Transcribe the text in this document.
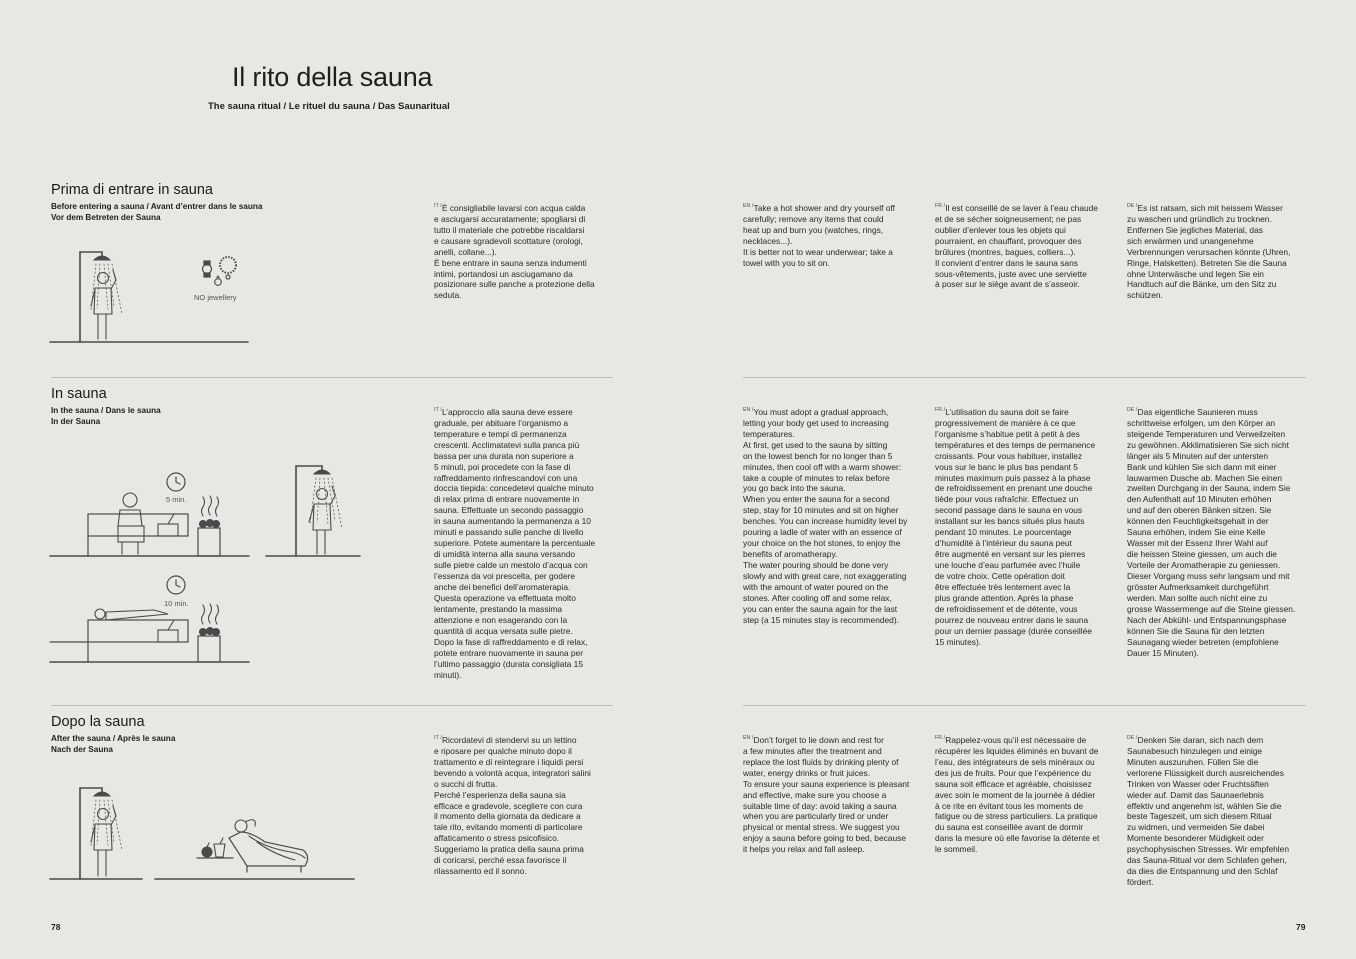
Il rito della sauna
The sauna ritual / Le rituel du sauna / Das Saunaritual
Prima di entrare in sauna
Before entering a sauna / Avant d’entrer dans le sauna
Vor dem Betreten der Sauna
NO jewellery
$^{IT /}$È consigliabile lavarsi con acqua calda
e asciugarsi accuratamente; spogliarsi di
tutto il materiale che potrebbe riscaldarsi
e causare sgradevoli scottature (orologi,
anelli, collane...).
È bene entrare in sauna senza indumenti
intimi, portandosi un asciugamano da
posizionare sulle panche a protezione della
seduta.
$^{EN /}$Take a hot shower and dry yourself off
carefully; remove any items that could
heat up and burn you (watches, rings,
necklaces...).
It is better not to wear underwear; take a
towel with you to sit on.
$^{FR /}$Il est conseillé de se laver à l’eau chaude
et de se sécher soigneusement; ne pas
oublier d’enlever tous les objets qui
pourraient, en chauffant, provoquer des
brûlures (montres, bagues, colliers...).
Il convient d’entrer dans le sauna sans
sous-vêtements, juste avec une serviette
à poser sur le siège avant de s’asseoir.
$^{DE /}$Es ist ratsam, sich mit heissem Wasser
zu waschen und gründlich zu trocknen.
Entfernen Sie jegliches Material, das
sich erwärmen und unangenehme
Verbrennungen verursachen könnte (Uhren,
Ringe, Halsketten). Betreten Sie die Sauna
ohne Unterwäsche und legen Sie ein
Handtuch auf die Bänke, um den Sitz zu
schützen.
In sauna
In the sauna / Dans le sauna
In der Sauna
5 min.
10 min.
$^{IT /}$L’approccio alla sauna deve essere
graduale, per abituare l’organismo a
temperature e tempi di permanenza
crescenti. Acclimatatevi sulla panca più
bassa per una durata non superiore a
5 minuti, poi procedete con la fase di
raffreddamento rinfrescandovi con una
doccia tiepida: concedetevi qualche minuto
di relax prima di entrare nuovamente in
sauna. Effettuate un secondo passaggio
in sauna aumentando la permanenza a 10
minuti e passando sulle panche di livello
superiore. Potete aumentare la percentuale
di umidità interna alla sauna versando
sulle pietre calde un mestolo d’acqua con
l’essenza da voi prescelta, per godere
anche dei benefici dell’aromaterapia.
Questa operazione va effettuata molto
lentamente, prestando la massima
attenzione e non esagerando con la
quantità di acqua versata sulle pietre.
Dopo la fase di raffreddamento e di relax,
potete entrare nuovamente in sauna per
l’ultimo passaggio (durata consigliata 15
minuti).
$^{EN /}$You must adopt a gradual approach,
letting your body get used to increasing
temperatures.
At first, get used to the sauna by sitting
on the lowest bench for no longer than 5
minutes, then cool off with a warm shower:
take a couple of minutes to relax before
you go back into the sauna.
When you enter the sauna for a second
step, stay for 10 minutes and sit on higher
benches. You can increase humidity level by
pouring a ladle of water with an essence of
your choice on the hot stones, to enjoy the
benefits of aromatherapy.
The water pouring should be done very
slowly and with great care, not exaggerating
with the amount of water poured on the
stones. After cooling off and some relax,
you can enter the sauna again for the last
step (a 15 minutes stay is recommended).
$^{FR /}$L’utilisation du sauna doit se faire
progressivement de manière à ce que
l’organisme s’habitue petit à petit à des
températures et des temps de permanence
croissants. Pour vous habituer, installez
vous sur le banc le plus bas pendant 5
minutes maximum puis passez à la phase
de refroidissement en prenant une douche
tiède pour vous rafraîchir. Effectuez un
second passage dans le sauna en vous
installant sur les bancs situés plus hauts
pendant 10 minutes. Le pourcentage
d’humidité à l’intérieur du sauna peut
être augmenté en versant sur les pierres
une louche d’eau parfumée avec l’huile
de votre choix. Cette opération doit
être effectuée très lentement avec la
plus grande attention. Après la phase
de refroidissement et de détente, vous
pourrez de nouveau entrer dans le sauna
pour un dernier passage (durée conseillée
15 minutes).
$^{DE /}$Das eigentliche Saunieren muss
schrittweise erfolgen, um den Körper an
steigende Temperaturen und Verweilzeiten
zu gewöhnen. Akklimatisieren Sie sich nicht
länger als 5 Minuten auf der untersten
Bank und kühlen Sie sich dann mit einer
lauwarmen Dusche ab. Machen Sie einen
zweiten Durchgang in der Sauna, indem Sie
den Aufenthalt auf 10 Minuten erhöhen
und auf den oberen Bänken sitzen. Sie
können den Feuchtigkeitsgehalt in der
Sauna erhöhen, indem Sie eine Kelle
Wasser mit der Essenz Ihrer Wahl auf
die heissen Steine giessen, um auch die
Vorteile der Aromatherapie zu geniessen.
Dieser Vorgang muss sehr langsam und mit
grösster Aufmerksamkeit durchgeführt
werden. Man sollte auch nicht eine zu
grosse Wassermenge auf die Steine giessen.
Nach der Abkühl- und Entspannungsphase
können Sie die Sauna für den letzten
Saunagang wieder betreten (empfohlene
Dauer 15 Minuten).
Dopo la sauna
After the sauna / Après le sauna
Nach der Sauna
$^{IT /}$Ricordatevi di stendervi su un lettino
e riposare per qualche minuto dopo il
trattamento e di reintegrare i liquidi persi
bevendo a volontà acqua, integratori salini
o succhi di frutta.
Perché l’esperienza della sauna sia
efficace e gradevole, sceglieте con cura
il momento della giornata da dedicare a
tale rito, evitando momenti di particolare
affaticamento o stress psicofisico.
Suggeriamo la pratica della sauna prima
di coricarsi, perché essa favorisce il
rilassamento ed il sonno.
$^{EN /}$Don’t forget to lie down and rest for
a few minutes after the treatment and
replace the lost fluids by drinking plenty of
water, energy drinks or fruit juices.
To ensure your sauna experience is pleasant
and effective, make sure you choose a
suitable time of day: avoid taking a sauna
when you are particularly tired or under
physical or mental stress. We suggest you
enjoy a sauna before going to bed, because
it helps you relax and fall asleep.
$^{FR /}$Rappelez-vous qu’il est nécessaire de
récupérer les liquides éliminés en buvant de
l’eau, des intégrateurs de sels minéraux ou
des jus de fruits. Pour que l’expérience du
sauna soit efficace et agréable, choisissez
avec soin le moment de la journée à dédier
à ce rite en évitant tous les moments de
fatigue ou de stress particuliers. La pratique
du sauna est conseillée avant de dormir
dans la mesure où elle favorise la détente et
le sommeil.
$^{DE /}$Denken Sie daran, sich nach dem
Saunabesuch hinzulegen und einige
Minuten auszuruhen. Füllen Sie die
verlorene Flüssigkeit durch ausreichendes
Trinken von Wasser oder Fruchtsäften
wieder auf. Damit das Saunaerlebnis
effektiv und angenehm ist, wählen Sie die
beste Tageszeit, um sich diesem Ritual
zu widmen, und vermeiden Sie dabei
Momente besonderer Müdigkeit oder
psychophysischen Stresses. Wir empfehlen
das Sauna-Ritual vor dem Schlafen gehen,
da dies die Entspannung und den Schlaf
fördert.
78	79
